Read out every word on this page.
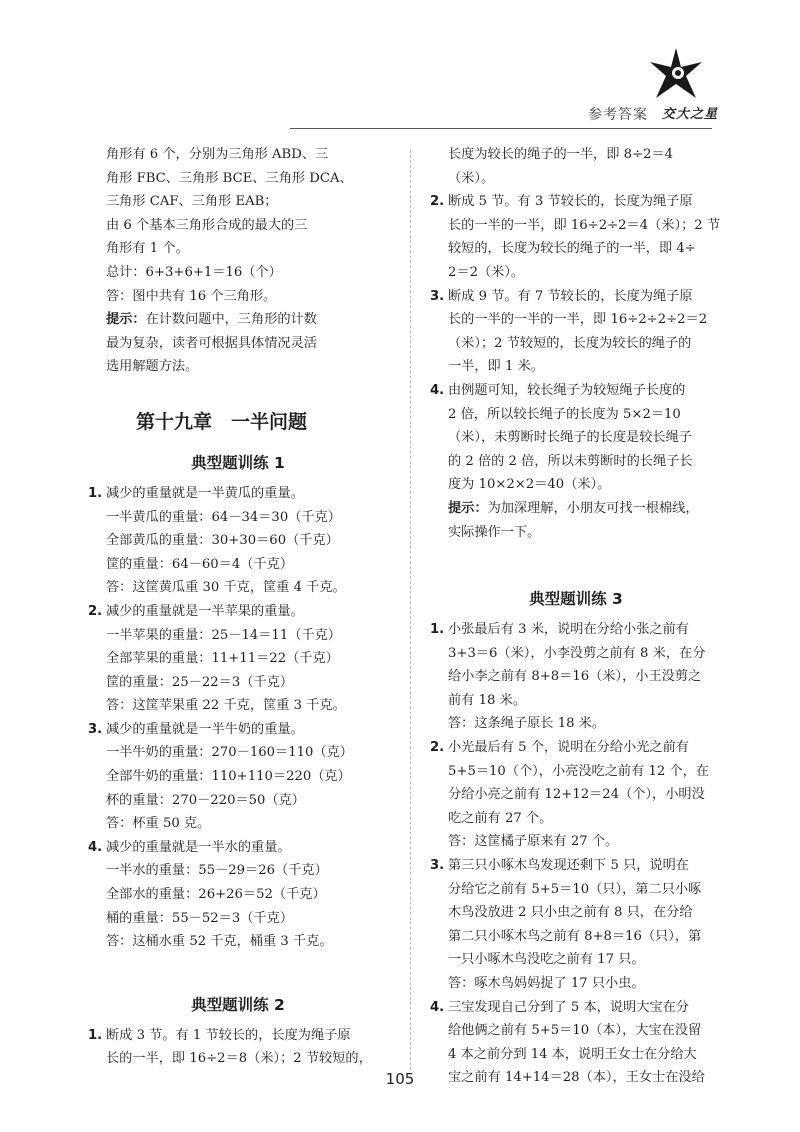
参考答案 交大之星

角形有 6 个，分别为三角形 ABD、三

角形 FBC、三角形 BCE、三角形 DCA、

三角形 CAF、三角形 EAB；

由 6 个基本三角形合成的最大的三

角形有 1 个。

总计：6+3+6+1＝16（个）

答：图中共有 16 个三角形。

提示：在计数问题中，三角形的计数

最为复杂，读者可根据具体情况灵活

选用解题方法。

第十九章　一半问题
典型题训练 1
1. 减少的重量就是一半黄瓜的重量。

一半黄瓜的重量：64－34＝30（千克）

全部黄瓜的重量：30+30＝60（千克）

筐的重量：64－60＝4（千克）

答：这筐黄瓜重 30 千克，筐重 4 千克。

2. 减少的重量就是一半苹果的重量。

一半苹果的重量：25－14＝11（千克）

全部苹果的重量：11+11＝22（千克）

筐的重量：25－22＝3（千克）

答：这筐苹果重 22 千克，筐重 3 千克。

3. 减少的重量就是一半牛奶的重量。

一半牛奶的重量：270－160＝110（克）

全部牛奶的重量：110+110＝220（克）

杯的重量：270－220＝50（克）

答：杯重 50 克。

4. 减少的重量就是一半水的重量。

一半水的重量：55－29＝26（千克）

全部水的重量：26+26＝52（千克）

桶的重量：55－52＝3（千克）

答：这桶水重 52 千克，桶重 3 千克。

典型题训练 2
1. 断成 3 节。有 1 节较长的，长度为绳子原

长的一半，即 16÷2＝8（米）；2 节较短的，

长度为较长的绳子的一半，即 8÷2＝4

（米）。

2. 断成 5 节。有 3 节较长的，长度为绳子原

长的一半的一半，即 16÷2÷2＝4（米）；2 节

较短的，长度为较长的绳子的一半，即 4÷

2＝2（米）。

3. 断成 9 节。有 7 节较长的，长度为绳子原

长的一半的一半的一半，即 16÷2÷2÷2＝2

（米）；2 节较短的，长度为较长的绳子的

一半，即 1 米。

4. 由例题可知，较长绳子为较短绳子长度的

2 倍，所以较长绳子的长度为 5×2＝10

（米），未剪断时长绳子的长度是较长绳子

的 2 倍的 2 倍，所以未剪断时的长绳子长

度为 10×2×2＝40（米）。

提示：为加深理解，小朋友可找一根棉线，

实际操作一下。

典型题训练 3
1. 小张最后有 3 米，说明在分给小张之前有

3+3＝6（米），小李没剪之前有 8 米，在分

给小李之前有 8+8＝16（米），小王没剪之

前有 18 米。

答：这条绳子原长 18 米。

2. 小光最后有 5 个，说明在分给小光之前有

5+5＝10（个），小亮没吃之前有 12 个，在

分给小亮之前有 12+12＝24（个），小明没

吃之前有 27 个。

答：这筐橘子原来有 27 个。

3. 第三只小啄木鸟发现还剩下 5 只，说明在

分给它之前有 5+5＝10（只），第二只小啄

木鸟没放进 2 只小虫之前有 8 只，在分给

第二只小啄木鸟之前有 8+8＝16（只），第

一只小啄木鸟没吃之前有 17 只。

答：啄木鸟妈妈捉了 17 只小虫。

4. 三宝发现自己分到了 5 本，说明大宝在分

给他俩之前有 5+5＝10（本），大宝在没留

4 本之前分到 14 本，说明王女士在分给大

宝之前有 14+14＝28（本），王女士在没给

105
